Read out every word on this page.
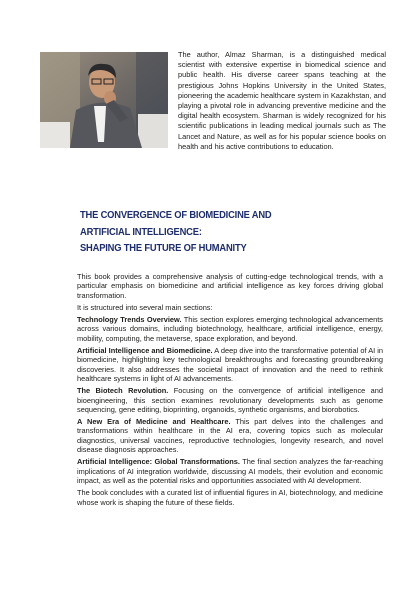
The author, Almaz Sharman, is a distinguished medical scientist with extensive expertise in biomedical science and public health. His diverse career spans teaching at the prestigious Johns Hopkins University in the United States, pioneering the academic healthcare system in Kazakhstan, and playing a pivotal role in advancing preventive medicine and the digital health ecosystem. Sharman is widely recognized for his scientific publications in leading medical journals such as The Lancet and Nature, as well as for his popular science books on health and his active contributions to education.

THE CONVERGENCE OF BIOMEDICINE AND
ARTIFICIAL INTELLIGENCE:
SHAPING THE FUTURE OF HUMANITY

This book provides a comprehensive analysis of cutting-edge technological trends, with a particular emphasis on biomedicine and artificial intelligence as key forces driving global transformation.

It is structured into several main sections:

Technology Trends Overview. This section explores emerging technological advancements across various domains, including biotechnology, healthcare, artificial intelligence, energy, mobility, computing, the metaverse, space exploration, and beyond.

Artificial Intelligence and Biomedicine. A deep dive into the transformative potential of AI in biomedicine, highlighting key technological breakthroughs and forecasting groundbreaking discoveries. It also addresses the societal impact of innovation and the need to rethink healthcare systems in light of AI advancements.

The Biotech Revolution. Focusing on the convergence of artificial intelligence and bioengineering, this section examines revolutionary developments such as genome sequencing, gene editing, bioprinting, organoids, synthetic organisms, and biorobotics.

A New Era of Medicine and Healthcare. This part delves into the challenges and transformations within healthcare in the AI era, covering topics such as molecular diagnostics, universal vaccines, reproductive technologies, longevity research, and novel disease diagnosis approaches.

Artificial Intelligence: Global Transformations. The final section analyzes the far-reaching implications of AI integration worldwide, discussing AI models, their evolution and economic impact, as well as the potential risks and opportunities associated with AI development.

The book concludes with a curated list of influential figures in AI, biotechnology, and medicine whose work is shaping the future of these fields.
